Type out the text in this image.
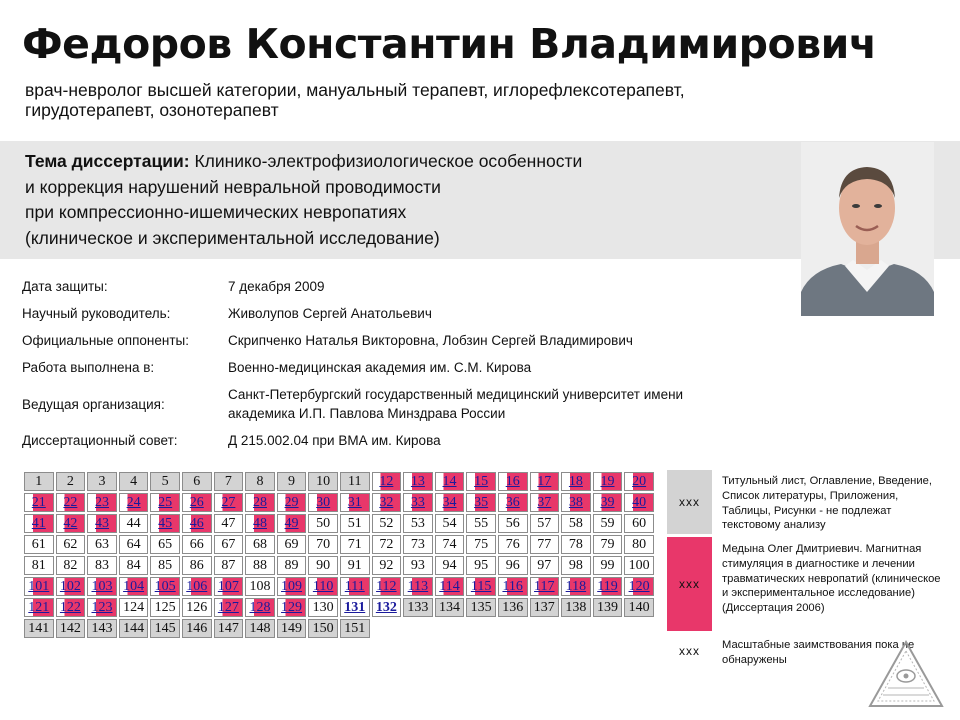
Федоров Константин Владимирович
врач-невролог высшей категории, мануальный терапевт, иглорефлексотерапевт, гирудотерапевт, озонотерапевт
Тема диссертации: Клинико-электрофизиологическое особенности
и коррекция нарушений невральной проводимости
при компрессионно-ишемических невропатиях
(клиническое и экспериментальной исследование)
Дата защиты:	7 декабря 2009
Научный руководитель:	Живолупов Сергей Анатольевич
Официальные оппоненты:	Скрипченко Наталья Викторовна, Лобзин Сергей Владимирович
Работа выполнена в:	Военно-медицинская академия им. С.М. Кирова
Ведущая организация:
Санкт-Петербургский государственный медицинский университет имени академика И.П. Павлова Минздрава России
Диссертационный совет:	Д 215.002.04 при ВМА им. Кирова
1	2	3	4	5	6	7	8	9	10	11	12	13	14	15	16	17	18	19	20
21	22	23	24	25	26	27	28	29	30	31	32	33	34	35	36	37	38	39	40
41	42	43	44	45	46	47	48	49	50	51	52	53	54	55	56	57	58	59	60
61	62	63	64	65	66	67	68	69	70	71	72	73	74	75	76	77	78	79	80
81	82	83	84	85	86	87	88	89	90	91	92	93	94	95	96	97	98	99	100
101	102	103	104	105	106	107	108	109	110	111	112	113	114	115	116	117	118	119	120
121	122	123	124	125	126	127	128	129	130	131	132	133	134	135	136	137	138	139	140
141	142	143	144	145	146	147	148	149	150	151									
xxx
Титульный лист, Оглавление, Введение, Список литературы, Приложения, Таблицы, Рисунки - не подлежат текстовому анализу
xxx
Медына Олег Дмитриевич. Магнитная стимуляция в диагностике и лечении травматических невропатий (клиническое и экспериментальное исследование) (Диссертация 2006)
xxx	Масштабные заимствования пока не обнаружены
